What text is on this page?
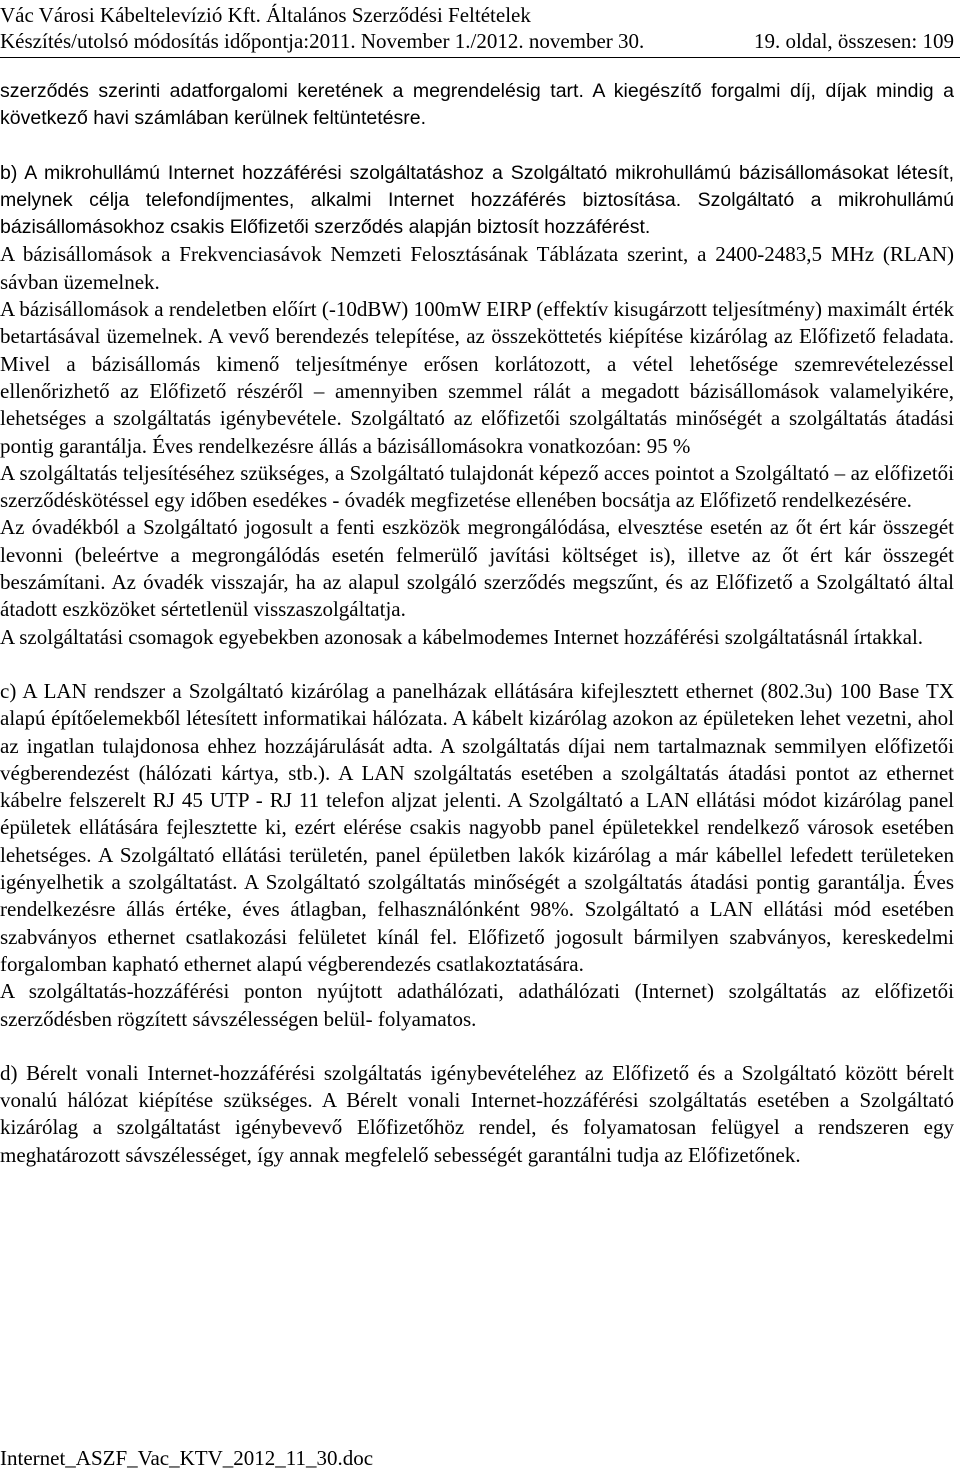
Vác Városi Kábeltelevízió Kft. Általános Szerződési Feltételek
Készítés/utolsó módosítás időpontja:2011. November 1./2012. november 30.	19. oldal, összesen: 109

szerződés szerinti adatforgalomi keretének a megrendelésig tart. A kiegészítő forgalmi díj, díjak mindig a következő havi számlában kerülnek feltüntetésre.

b) A mikrohullámú Internet hozzáférési szolgáltatáshoz a Szolgáltató mikrohullámú bázisállomásokat létesít, melynek célja telefondíjmentes, alkalmi Internet hozzáférés biztosítása. Szolgáltató a mikrohullámú bázisállomásokhoz csakis Előfizetői szerződés alapján biztosít hozzáférést.

A bázisállomások a Frekvenciasávok Nemzeti Felosztásának Táblázata szerint, a 2400-2483,5 MHz (RLAN) sávban üzemelnek.

A bázisállomások a rendeletben előírt (-10dBW) 100mW EIRP (effektív kisugárzott teljesítmény) maximált érték betartásával üzemelnek. A vevő berendezés telepítése, az összeköttetés kiépítése kizárólag az Előfizető feladata. Mivel a bázisállomás kimenő teljesítménye erősen korlátozott, a vétel lehetősége szemrevételezéssel ellenőrizhető az Előfizető részéről – amennyiben szemmel rálát a megadott bázisállomások valamelyikére, lehetséges a szolgáltatás igénybevétele. Szolgáltató az előfizetői szolgáltatás minőségét a szolgáltatás átadási pontig garantálja. Éves rendelkezésre állás a bázisállomásokra vonatkozóan: 95 %

A szolgáltatás teljesítéséhez szükséges, a Szolgáltató tulajdonát képező acces pointot a Szolgáltató – az előfizetői szerződéskötéssel egy időben esedékes - óvadék megfizetése ellenében bocsátja az Előfizető rendelkezésére.

Az óvadékból a Szolgáltató jogosult a fenti eszközök megrongálódása, elvesztése esetén az őt ért kár összegét levonni (beleértve a megrongálódás esetén felmerülő javítási költséget is), illetve az őt ért kár összegét beszámítani. Az óvadék visszajár, ha az alapul szolgáló szerződés megszűnt, és az Előfizető a Szolgáltató által átadott eszközöket sértetlenül visszaszolgáltatja.

A szolgáltatási csomagok egyebekben azonosak a kábelmodemes Internet hozzáférési szolgáltatásnál írtakkal.

c) A LAN rendszer a Szolgáltató kizárólag a panelházak ellátására kifejlesztett ethernet (802.3u) 100 Base TX alapú építőelemekből létesített informatikai hálózata. A kábelt kizárólag azokon az épületeken lehet vezetni, ahol az ingatlan tulajdonosa ehhez hozzájárulását adta. A szolgáltatás díjai nem tartalmaznak semmilyen előfizetői végberendezést (hálózati kártya, stb.). A LAN szolgáltatás esetében a szolgáltatás átadási pontot az ethernet kábelre felszerelt RJ 45 UTP - RJ 11 telefon aljzat jelenti. A Szolgáltató a LAN ellátási módot kizárólag panel épületek ellátására fejlesztette ki, ezért elérése csakis nagyobb panel épületekkel rendelkező városok esetében lehetséges. A Szolgáltató ellátási területén, panel épületben lakók kizárólag a már kábellel lefedett területeken igényelhetik a szolgáltatást. A Szolgáltató szolgáltatás minőségét a szolgáltatás átadási pontig garantálja. Éves rendelkezésre állás értéke, éves átlagban, felhasználónként 98%. Szolgáltató a LAN ellátási mód esetében szabványos ethernet csatlakozási felületet kínál fel. Előfizető jogosult bármilyen szabványos, kereskedelmi forgalomban kapható ethernet alapú végberendezés csatlakoztatására.

A szolgáltatás-hozzáférési ponton nyújtott adathálózati, adathálózati (Internet) szolgáltatás az előfizetői szerződésben rögzített sávszélességen belül- folyamatos.

d) Bérelt vonali Internet-hozzáférési szolgáltatás igénybevételéhez az Előfizető és a Szolgáltató között bérelt vonalú hálózat kiépítése szükséges. A Bérelt vonali Internet-hozzáférési szolgáltatás esetében a Szolgáltató kizárólag a szolgáltatást igénybevevő Előfizetőhöz rendel, és folyamatosan felügyel a rendszeren egy meghatározott sávszélességet, így annak megfelelő sebességét garantálni tudja az Előfizetőnek.

Internet_ASZF_Vac_KTV_2012_11_30.doc
